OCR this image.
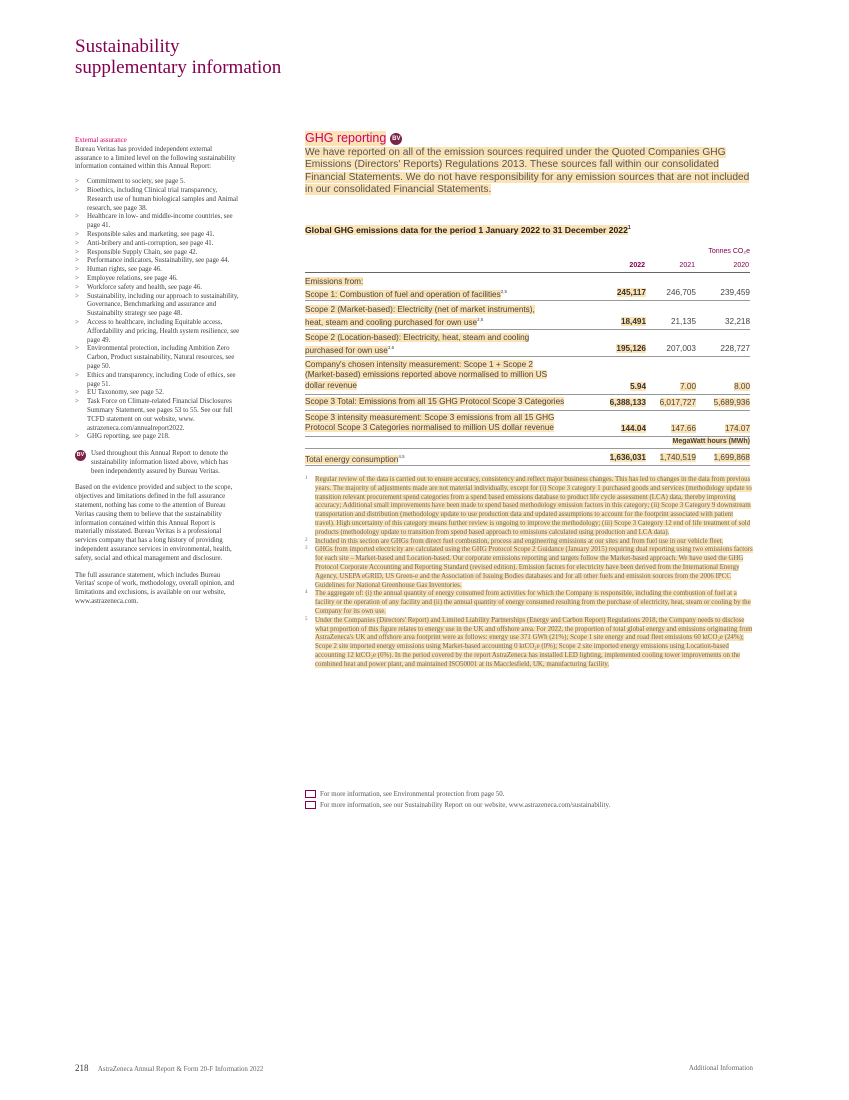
Sustainability
supplementary information
External assurance
Bureau Veritas has provided independent external assurance to a limited level on the following sustainability information contained within this Annual Report:
> Commitment to society, see page 5.
> Bioethics, including Clinical trial transparency, Research use of human biological samples and Animal research, see page 38.
> Healthcare in low- and middle-income countries, see page 41.
> Responsible sales and marketing, see page 41.
> Anti-bribery and anti-corruption, see page 41.
> Responsible Supply Chain, see page 42.
> Performance indicators, Sustainability, see page 44.
> Human rights, see page 46.
> Employee relations, see page 46.
> Workforce safety and health, see page 46.
> Sustainability, including our approach to sustainability, Governance, Benchmarking and assurance and Sustainabilty strategy see page 48.
> Access to healthcare, including Equitable access, Affordability and pricing, Health system resilience, see page 49.
> Environmental protection, including Ambition Zero Carbon, Product sustainability, Natural resources, see page 50.
> Ethics and transparency, including Code of ethics, see page 51.
> EU Taxonomy, see page 52.
> Task Force on Climate-related Financial Disclosures Summary Statement, see pages 53 to 55. See our full TCFD statement on our website, www. astrazeneca.com/annualreport2022.
> GHG reporting, see page 218.
BV Used throughout this Annual Report to denote the sustainability information listed above, which has been independently assured by Bureau Veritas.

Based on the evidence provided and subject to the scope, objectives and limitations defined in the full assurance statement, nothing has come to the attention of Bureau Veritas causing them to believe that the sustainability information contained within this Annual Report is materially misstated. Bureau Veritas is a professional services company that has a long history of providing independent assurance services in environmental, health, safety, social and ethical management and disclosure.

The full assurance statement, which includes Bureau Veritas' scope of work, methodology, overall opinion, and limitations and exclusions, is available on our website, www.astrazeneca.com.

GHG reporting BV
We have reported on all of the emission sources required under the Quoted Companies GHG Emissions (Directors' Reports) Regulations 2013. These sources fall within our consolidated Financial Statements. We do not have responsibility for any emission sources that are not included in our consolidated Financial Statements.
Global GHG emissions data for the period 1 January 2022 to 31 December 2022$^1$
Tonnes CO₂e
2022	2021	2020
Emissions from:
Scope 1: Combustion of fuel and operation of facilities$^{2,5}$	245,117	246,705	239,459
Scope 2 (Market-based): Electricity (net of market instruments),
heat, steam and cooling purchased for own use$^{3,5}$	18,491	21,135	32,218
Scope 2 (Location-based): Electricity, heat, steam and cooling
purchased for own use$^{3,5}$	195,126	207,003	228,727
Company's chosen intensity measurement: Scope 1 + Scope 2
(Market-based) emissions reported above normalised to million US
dollar revenue	5.94	7.00	8.00
Scope 3 Total: Emissions from all 15 GHG Protocol Scope 3 Categories	6,388,133	6,017,727	5,689,936
Scope 3 intensity measurement: Scope 3 emissions from all 15 GHG
Protocol Scope 3 Categories normalised to million US dollar revenue	144.04	147.66	174.07
MegaWatt hours (MWh)
Total energy consumption$^{4,5}$	1,636,031	1,740,519	1,699,868
1 Regular review of the data is carried out to ensure accuracy, consistency and reflect major business changes. This has led to changes in the data from previous years. The majority of adjustments made are not material individually, except for (i) Scope 3 category 1 purchased goods and services (methodology update to transition relevant procurement spend categories from a spend based emissions database to product life cycle assessment (LCA) data, thereby improving accuracy; Additional small improvements have been made to spend based methodology emission factors in this category; (ii) Scope 3 Category 9 downstream transportation and distribution (methodology update to use production data and updated assumptions to account for the footprint associated with patient travel). High uncertainty of this category means further review is ongoing to improve the methodology; (iii) Scope 3 Category 12 end of life treatment of sold products (methodology update to transition from spend based approach to emissions calculated using production and LCA data).
2 Included in this section are GHGs from direct fuel combustion, process and engineering emissions at our sites and from fuel use in our vehicle fleet.
3 GHGs from imported electricity are calculated using the GHG Protocol Scope 2 Guidance (January 2015) requiring dual reporting using two emissions factors for each site – Market-based and Location-based. Our corporate emissions reporting and targets follow the Market-based approach. We have used the GHG Protocol Corporate Accounting and Reporting Standard (revised edition). Emission factors for electricity have been derived from the International Energy Agency, USEPA eGRID, US Green-e and the Association of Issuing Bodies databases and for all other fuels and emission sources from the 2006 IPCC Guidelines for National Greenhouse Gas Inventories.
4 The aggregate of: (i) the annual quantity of energy consumed from activities for which the Company is responsible, including the combustion of fuel at a facility or the operation of any facility and (ii) the annual quantity of energy consumed resulting from the purchase of electricity, heat, steam or cooling by the Company for its own use.
5 Under the Companies (Directors' Report) and Limited Liability Partnerships (Energy and Carbon Report) Regulations 2018, the Company needs to disclose what proportion of this figure relates to energy use in the UK and offshore area. For 2022, the proportion of total global energy and emissions originating from AstraZeneca's UK and offshore area footprint were as follows: energy use 371 GWh (21%); Scope 1 site energy and road fleet emissions 60 ktCO₂e (24%); Scope 2 site imported energy emissions using Market-based accounting 0 ktCO₂e (0%); Scope 2 site imported energy emissions using Location-based accounting 12 ktCO₂e (6%). In the period covered by the report AstraZeneca has installed LED lighting, implemented cooling tower improvements on the combined heat and power plant, and maintained ISO50001 at its Macclesfield, UK, manufacturing facility.
For more information, see Environmental protection from page 50.
For more information, see our Sustainability Report on our website, www.astrazeneca.com/sustainability.
218 AstraZeneca Annual Report & Form 20-F Information 2022	Additional Information
